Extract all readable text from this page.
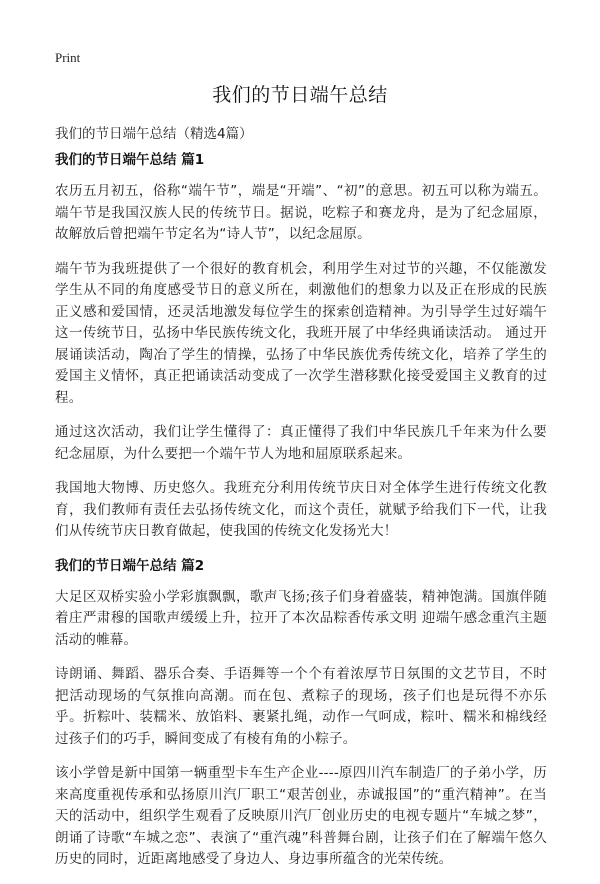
Print
我们的节日端午总结
我们的节日端午总结（精选4篇）
我们的节日端午总结 篇1

农历五月初五，俗称“端午节”，端是“开端”、“初”的意思。初五可以称为端五。端午节是我国汉族人民的传统节日。据说，吃粽子和赛龙舟，是为了纪念屈原，故解放后曾把端午节定名为“诗人节”，以纪念屈原。

端午节为我班提供了一个很好的教育机会，利用学生对过节的兴趣，不仅能激发学生从不同的角度感受节日的意义所在，刺激他们的想象力以及正在形成的民族正义感和爱国情，还灵活地激发每位学生的探索创造精神。为引导学生过好端午这一传统节日，弘扬中华民族传统文化，我班开展了中华经典诵读活动。 通过开展诵读活动，陶冶了学生的情操，弘扬了中华民族优秀传统文化，培养了学生的爱国主义情怀，真正把诵读活动变成了一次学生潜移默化接受爱国主义教育的过程。

通过这次活动，我们让学生懂得了：真正懂得了我们中华民族几千年来为什么要纪念屈原，为什么要把一个端午节人为地和屈原联系起来。

我国地大物博、历史悠久。我班充分利用传统节庆日对全体学生进行传统文化教育，我们教师有责任去弘扬传统文化，而这个责任，就赋予给我们下一代，让我们从传统节庆日教育做起，使我国的传统文化发扬光大！

我们的节日端午总结 篇2

大足区双桥实验小学彩旗飘飘，歌声飞扬;孩子们身着盛装，精神饱满。国旗伴随着庄严肃穆的国歌声缓缓上升，拉开了本次品粽香传承文明 迎端午感念重汽主题活动的帷幕。

诗朗诵、舞蹈、器乐合奏、手语舞等一个个有着浓厚节日氛围的文艺节目，不时把活动现场的气氛推向高潮。而在包、煮粽子的现场，孩子们也是玩得不亦乐乎。折粽叶、装糯米、放馅料、裹紧扎绳，动作一气呵成，粽叶、糯米和棉线经过孩子们的巧手，瞬间变成了有棱有角的小粽子。

该小学曾是新中国第一辆重型卡车生产企业----原四川汽车制造厂的子弟小学，历来高度重视传承和弘扬原川汽厂职工“艰苦创业，赤诚报国”的“重汽精神”。在当天的活动中，组织学生观看了反映原川汽厂创业历史的电视专题片“车城之梦”，朗诵了诗歌“车城之恋”、表演了“重汽魂”科普舞台剧，让孩子们在了解端午悠久历史的同时，近距离地感受了身边人、身边事所蕴含的光荣传统。
